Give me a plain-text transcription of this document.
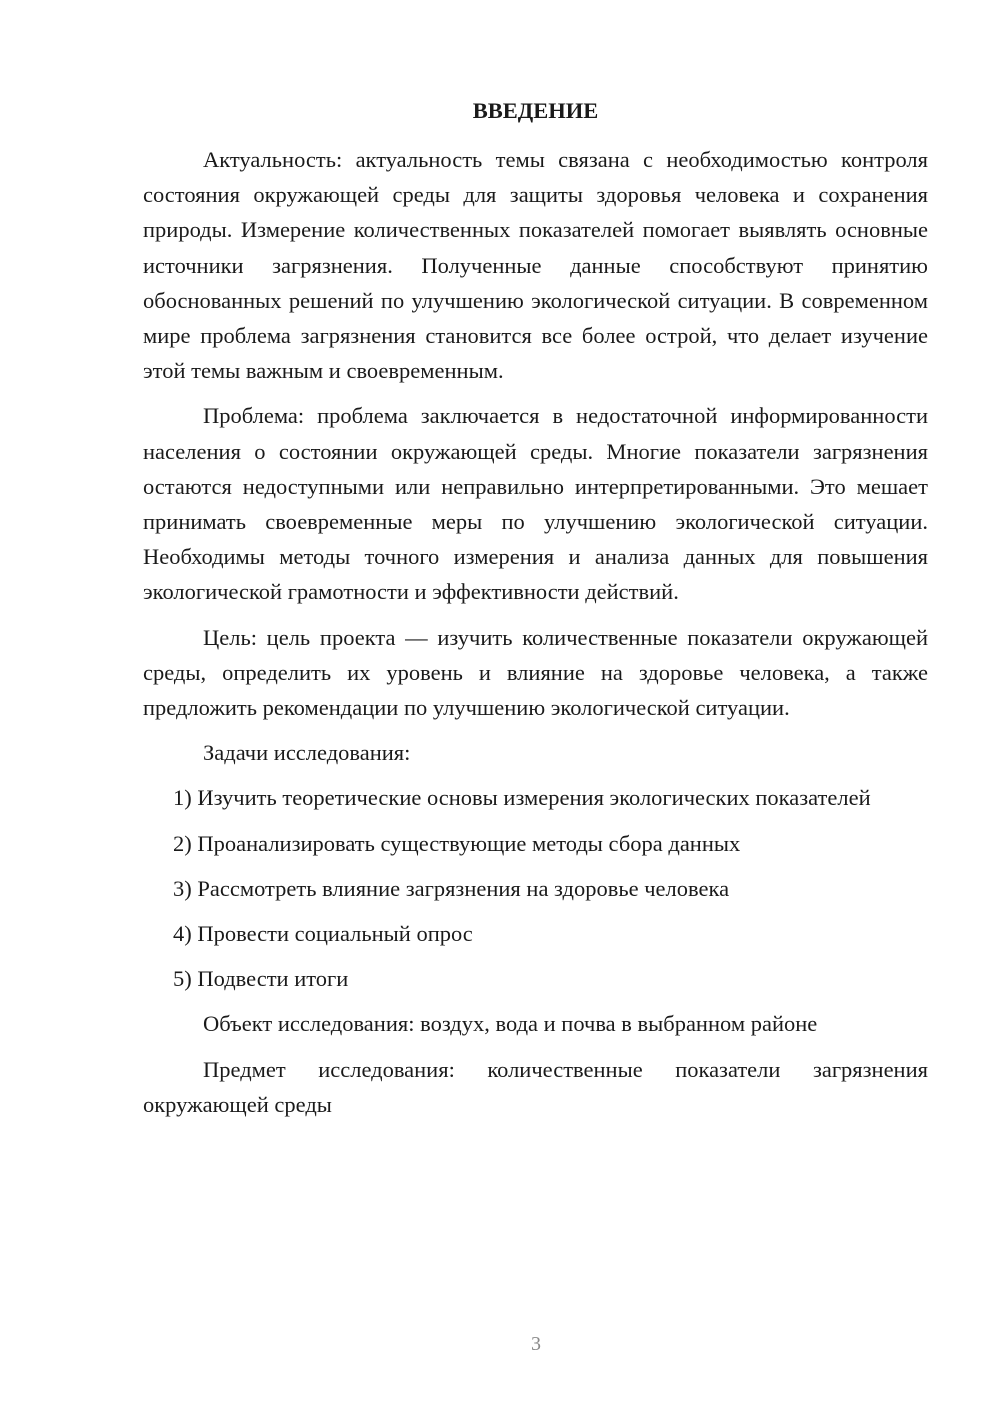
ВВЕДЕНИЕ

Актуальность: актуальность темы связана с необходимостью контроля состояния окружающей среды для защиты здоровья человека и сохранения природы. Измерение количественных показателей помогает выявлять основные источники загрязнения. Полученные данные способствуют принятию обоснованных решений по улучшению экологической ситуации. В современном мире проблема загрязнения становится все более острой, что делает изучение этой темы важным и своевременным.

Проблема: проблема заключается в недостаточной информированности населения о состоянии окружающей среды. Многие показатели загрязнения остаются недоступными или неправильно интерпретированными. Это мешает принимать своевременные меры по улучшению экологической ситуации. Необходимы методы точного измерения и анализа данных для повышения экологической грамотности и эффективности действий.

Цель: цель проекта — изучить количественные показатели окружающей среды, определить их уровень и влияние на здоровье человека, а также предложить рекомендации по улучшению экологической ситуации.

Задачи исследования:

1) Изучить теоретические основы измерения экологических показателей

2) Проанализировать существующие методы сбора данных

3) Рассмотреть влияние загрязнения на здоровье человека

4) Провести социальный опрос

5) Подвести итоги

Объект исследования: воздух, вода и почва в выбранном районе

Предмет исследования: количественные показатели загрязнения окружающей среды

3
